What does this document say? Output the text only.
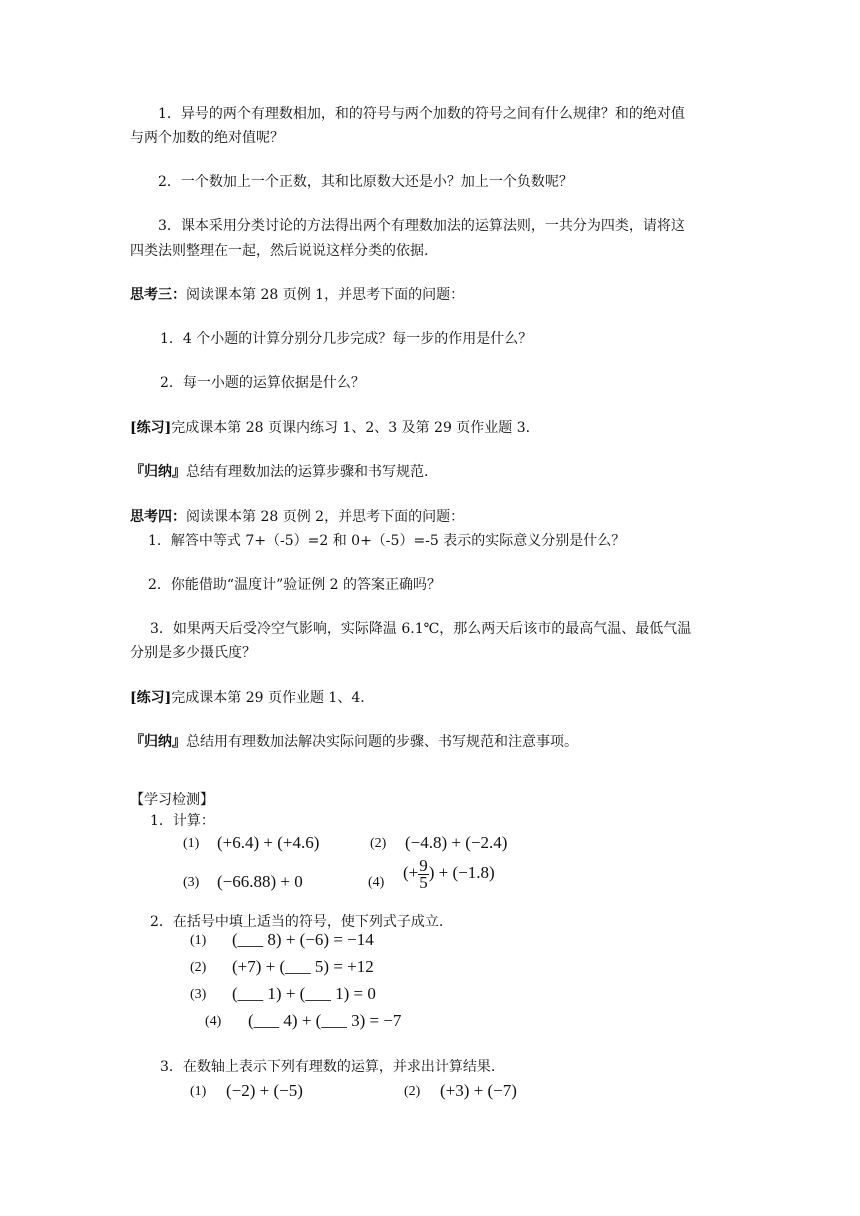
1．异号的两个有理数相加，和的符号与两个加数的符号之间有什么规律？和的绝对值
与两个加数的绝对值呢？
2．一个数加上一个正数，其和比原数大还是小？加上一个负数呢？
3．课本采用分类讨论的方法得出两个有理数加法的运算法则，一共分为四类，请将这
四类法则整理在一起，然后说说这样分类的依据.
思考三：阅读课本第 28 页例 1，并思考下面的问题：
1．4 个小题的计算分别分几步完成？每一步的作用是什么？
2．每一小题的运算依据是什么？
[练习]完成课本第 28 页课内练习 1、2、3 及第 29 页作业题 3.
『归纳』总结有理数加法的运算步骤和书写规范.
思考四：阅读课本第 28 页例 2，并思考下面的问题：
1．解答中等式 7+（-5）=2 和 0+（-5）=-5 表示的实际意义分别是什么？
2．你能借助“温度计”验证例 2 的答案正确吗？
3．如果两天后受冷空气影响，实际降温 6.1℃，那么两天后该市的最高气温、最低气温
分别是多少摄氏度？
[练习]完成课本第 29 页作业题 1、4.
『归纳』总结用有理数加法解决实际问题的步骤、书写规范和注意事项。
【学习检测】
1．计算：
(1) (+6.4) + (+4.6)	(2) (−4.8) + (−2.4)
(3) (−66.88) + 0	(4)
(+ $\frac{9}{5}$ ) + (−1.8)
2．在括号中填上适当的符号，使下列式子成立.
(1) (___ 8) + (−6) = −14
(2) (+7) + (___ 5) = +12
(3) (___ 1) + (___ 1) = 0
(4) (___ 4) + (___ 3) = −7
3．在数轴上表示下列有理数的运算，并求出计算结果.
(1) (−2) + (−5)	(2) (+3) + (−7)
